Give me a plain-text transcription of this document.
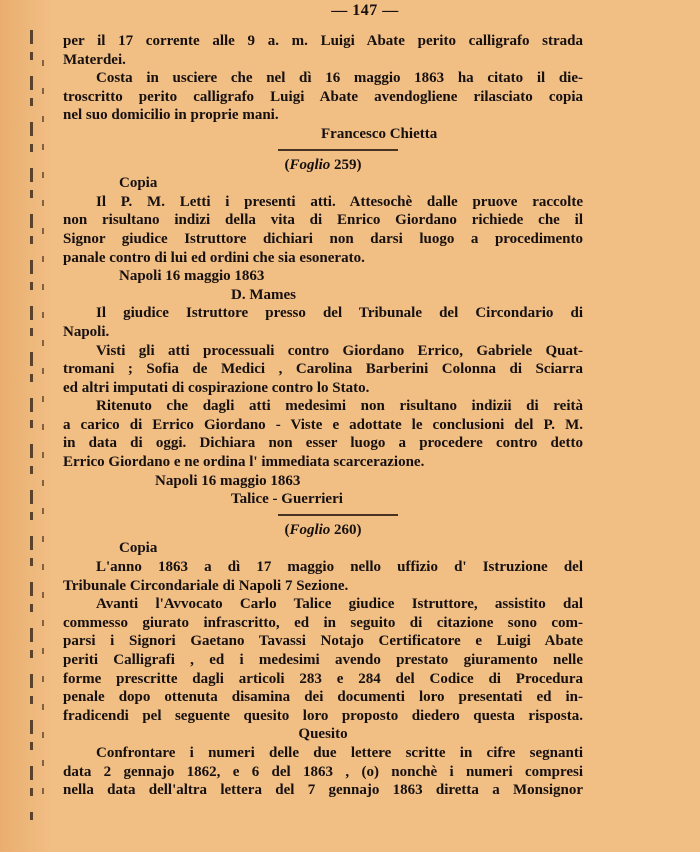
— 147 —
per il 17 corrente alle 9 a. m. Luigi Abate perito calligrafo strada
Materdei.
Costa in usciere che nel dì 16 maggio 1863 ha citato il die-
troscritto perito calligrafo Luigi Abate avendogliene rilasciato copia
nel suo domicilio in proprie mani.
Francesco Chietta
(Foglio 259)
Copia
Il P. M. Letti i presenti atti. Attesochè dalle pruove raccolte
non risultano indizi della vita di Enrico Giordano richiede che il
Signor giudice Istruttore dichiari non darsi luogo a procedimento
panale contro di lui ed ordini che sia esonerato.
Napoli 16 maggio 1863
D. Mames
Il giudice Istruttore presso del Tribunale del Circondario di
Napoli.
Visti gli atti processuali contro Giordano Errico, Gabriele Quat-
tromani ; Sofia de Medici , Carolina Barberini Colonna di Sciarra
ed altri imputati di cospirazione contro lo Stato.
Ritenuto che dagli atti medesimi non risultano indizii di reità
a carico di Errico Giordano - Viste e adottate le conclusioni del P. M.
in data di oggi. Dichiara non esser luogo a procedere contro detto
Errico Giordano e ne ordina l' immediata scarcerazione.
Napoli 16 maggio 1863
Talice - Guerrieri
(Foglio 260)
Copia
L'anno 1863 a dì 17 maggio nello uffizio d' Istruzione del
Tribunale Circondariale di Napoli 7 Sezione.
Avanti l'Avvocato Carlo Talice giudice Istruttore, assistito dal
commesso giurato infrascritto, ed in seguito di citazione sono com-
parsi i Signori Gaetano Tavassi Notajo Certificatore e Luigi Abate
periti Calligrafi , ed i medesimi avendo prestato giuramento nelle
forme prescritte dagli articoli 283 e 284 del Codice di Procedura
penale dopo ottenuta disamina dei documenti loro presentati ed in-
fradicendi pel seguente quesito loro proposto diedero questa risposta.
Quesito
Confrontare i numeri delle due lettere scritte in cifre segnanti
data 2 gennajo 1862, e 6 del 1863 , (o) nonchè i numeri compresi
nella data dell'altra lettera del 7 gennajo 1863 diretta a Monsignor
